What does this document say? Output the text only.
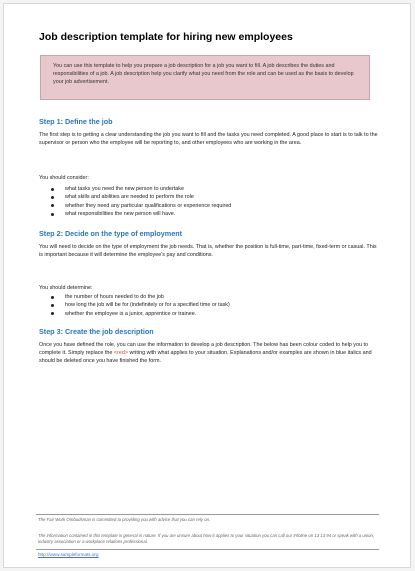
Job description template for hiring new employees
You can use this template to help you prepare a job description for a job you want to fill. A job describes the duties and responsibilities of a job. A job description help you clarify what you need from the role and can be used as the basis to develop your job advertisement.
Step 1: Define the job
The first step is to getting a clear understanding the job you want to fill and the tasks you need completed. A good place to start is to talk to the supervisor or person who the employee will be reporting to, and other employees who are working in the area.
You should consider:
what tasks you need the new person to undertake
what skills and abilities are needed to perform the role
whether they need any particular qualifications or experience required
what responsibilities the new person will have.
Step 2: Decide on the type of employment
You will need to decide on the type of employment the job needs. That is, whether the position is full-time, part-time, fixed-term or casual. This is important because it will determine the employee's pay and conditions.
You should determine:
the number of hours needed to do the job
how long the job will be for (indefinitely or for a specified time or task)
whether the employee is a junior, apprentice or trainee.
Step 3: Create the job description
Once you have defined the role, you can use the information to develop a job description. The below has been colour coded to help you to complete it. Simply replace the <red> writing with what applies to your situation. Explanations and/or examples are shown in blue italics and should be deleted once you have finished the form.
The Fair Work Ombudsman is committed to providing you with advice that you can rely on.
The information contained in this template is general in nature. If you are unsure about how it applies to your situation you can call our Infoline on 13 13 94 or speak with a union, industry association or a workplace relations professional.
http://www.sampleformats.org
